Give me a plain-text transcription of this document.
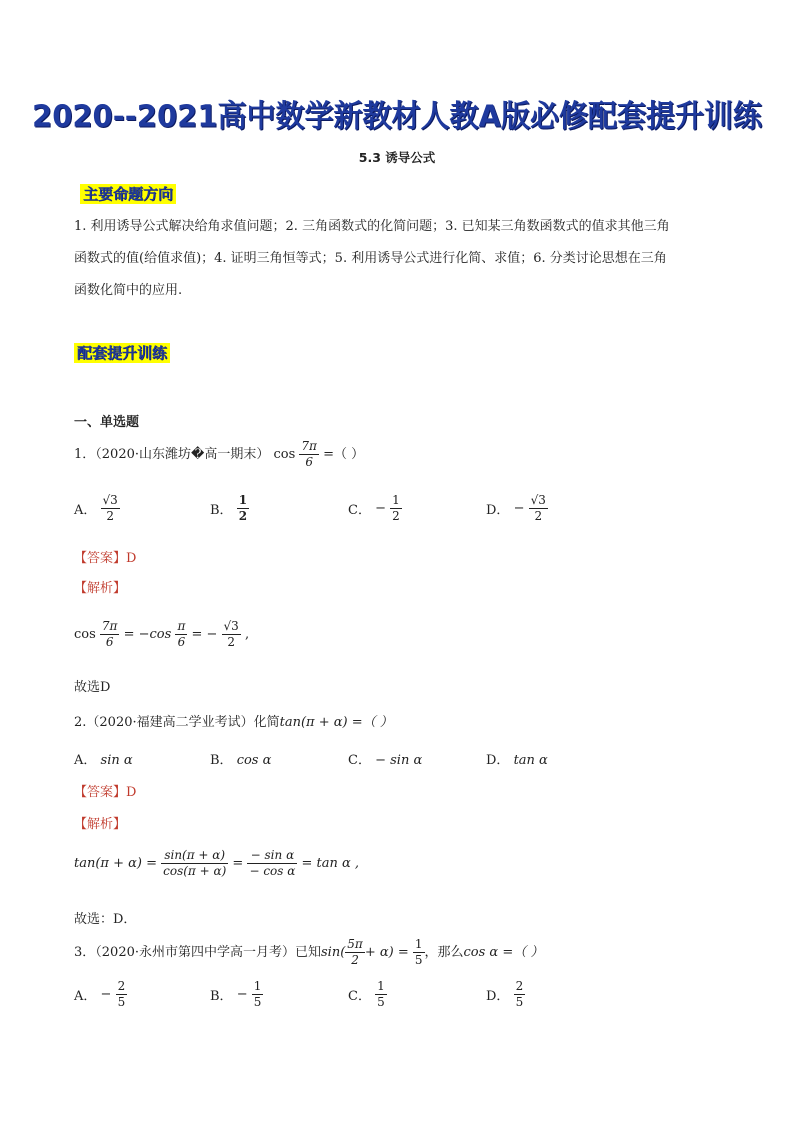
2020--2021高中数学新教材人教A版必修配套提升训练
5.3 诱导公式
主要命题方向
1. 利用诱导公式解决给角求值问题；2. 三角函数式的化简问题；3. 已知某三角数函数式的值求其他三角
函数式的值(给值求值)；4. 证明三角恒等式；5. 利用诱导公式进行化简、求值；6. 分类讨论思想在三角
函数化简中的应用.
配套提升训练
一、单选题
1．（2020·山东潍坊�高一期末） $\cos \frac{7\pi}{6}$ =（ ）
A． $\frac{√3}{2}$	B． $\frac{1}{2}$	C． − $\frac{1}{2}$	D． − $\frac{√3}{2}$
【答案】D
【解析】
$\cos \frac{7\pi}{6} = -\cos \frac{\pi}{6}$ = − $\frac{√3}{2}$ ,
故选D
2.（2020·福建高二学业考试）化简tan(π + α) =（ ）
A． sin α	B． cos α	C． − sin α	D． tan α
【答案】D
【解析】
$\tan(\pi + \alpha) = \frac{\sin(\pi + \alpha)}{\cos(\pi + \alpha)} = \frac{\text{− sin α}}{\text{− cos α}} = \tan \alpha$ ,
故选：D．
3．（2020·永州市第四中学高一月考）已知$\sin( \frac{5\pi}{2} + \alpha) = \frac{1}{5}$ ，那么cos α =（ ）
A． − $\frac{2}{5}$	B． − $\frac{1}{5}$	C． $\frac{1}{5}$	D． $\frac{2}{5}$
